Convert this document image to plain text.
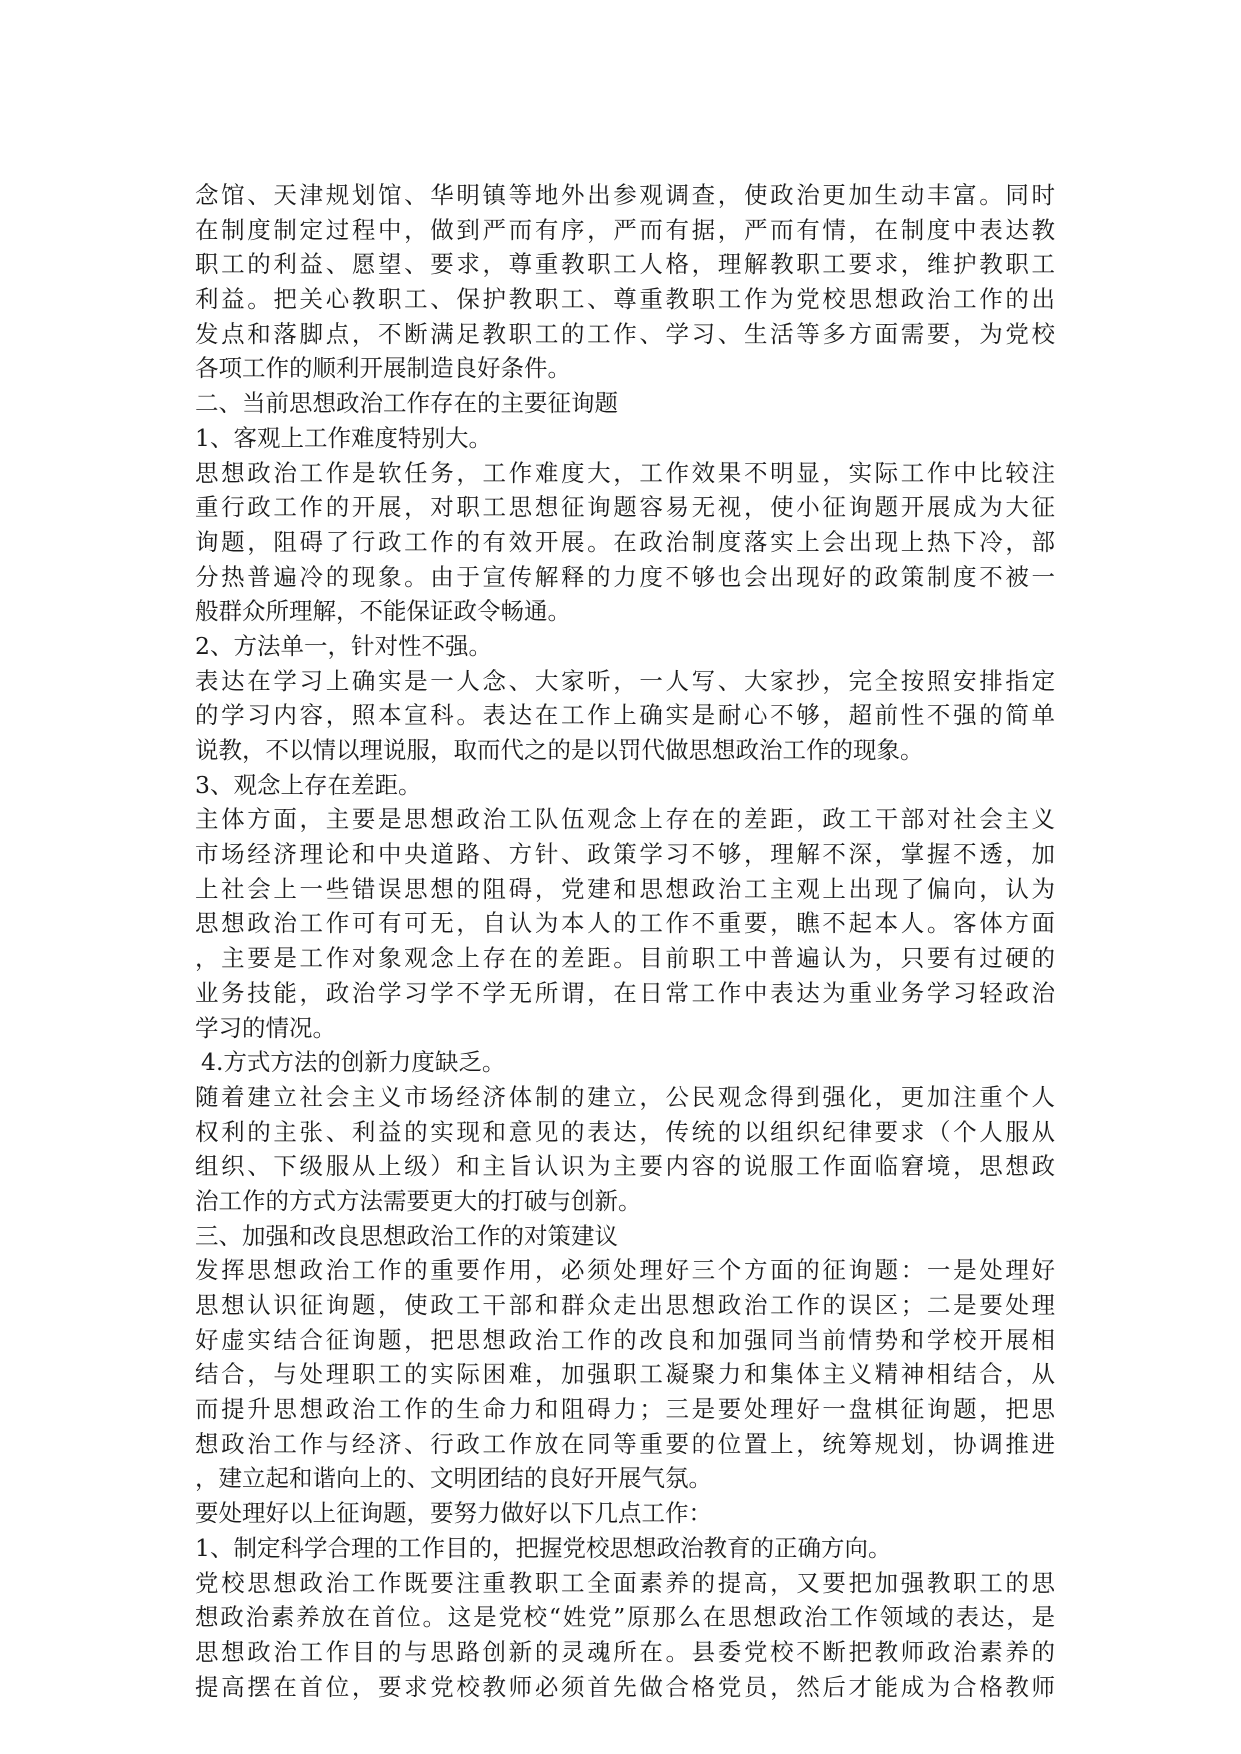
念馆、天津规划馆、华明镇等地外出参观调查，使政治更加生动丰富。同时
在制度制定过程中，做到严而有序，严而有据，严而有情，在制度中表达教
职工的利益、愿望、要求，尊重教职工人格，理解教职工要求，维护教职工
利益。把关心教职工、保护教职工、尊重教职工作为党校思想政治工作的出
发点和落脚点，不断满足教职工的工作、学习、生活等多方面需要，为党校
各项工作的顺利开展制造良好条件。
二、当前思想政治工作存在的主要征询题
1、客观上工作难度特别大。
思想政治工作是软任务，工作难度大，工作效果不明显，实际工作中比较注
重行政工作的开展，对职工思想征询题容易无视，使小征询题开展成为大征
询题，阻碍了行政工作的有效开展。在政治制度落实上会出现上热下冷，部
分热普遍冷的现象。由于宣传解释的力度不够也会出现好的政策制度不被一
般群众所理解，不能保证政令畅通。
2、方法单一，针对性不强。
表达在学习上确实是一人念、大家听，一人写、大家抄，完全按照安排指定
的学习内容，照本宣科。表达在工作上确实是耐心不够，超前性不强的简单
说教，不以情以理说服，取而代之的是以罚代做思想政治工作的现象。
3、观念上存在差距。
主体方面，主要是思想政治工队伍观念上存在的差距，政工干部对社会主义
市场经济理论和中央道路、方针、政策学习不够，理解不深，掌握不透，加
上社会上一些错误思想的阻碍，党建和思想政治工主观上出现了偏向，认为
思想政治工作可有可无，自认为本人的工作不重要，瞧不起本人。客体方面
，主要是工作对象观念上存在的差距。目前职工中普遍认为，只要有过硬的
业务技能，政治学习学不学无所谓，在日常工作中表达为重业务学习轻政治
学习的情况。
4.方式方法的创新力度缺乏。
随着建立社会主义市场经济体制的建立，公民观念得到强化，更加注重个人
权利的主张、利益的实现和意见的表达，传统的以组织纪律要求（个人服从
组织、下级服从上级）和主旨认识为主要内容的说服工作面临窘境，思想政
治工作的方式方法需要更大的打破与创新。
三、加强和改良思想政治工作的对策建议
发挥思想政治工作的重要作用，必须处理好三个方面的征询题：一是处理好
思想认识征询题，使政工干部和群众走出思想政治工作的误区；二是要处理
好虚实结合征询题，把思想政治工作的改良和加强同当前情势和学校开展相
结合，与处理职工的实际困难，加强职工凝聚力和集体主义精神相结合，从
而提升思想政治工作的生命力和阻碍力；三是要处理好一盘棋征询题，把思
想政治工作与经济、行政工作放在同等重要的位置上，统筹规划，协调推进
，建立起和谐向上的、文明团结的良好开展气氛。
要处理好以上征询题，要努力做好以下几点工作：
1、制定科学合理的工作目的，把握党校思想政治教育的正确方向。
党校思想政治工作既要注重教职工全面素养的提高，又要把加强教职工的思
想政治素养放在首位。这是党校“姓党”原那么在思想政治工作领域的表达，是
思想政治工作目的与思路创新的灵魂所在。县委党校不断把教师政治素养的
提高摆在首位，要求党校教师必须首先做合格党员，然后才能成为合格教师
